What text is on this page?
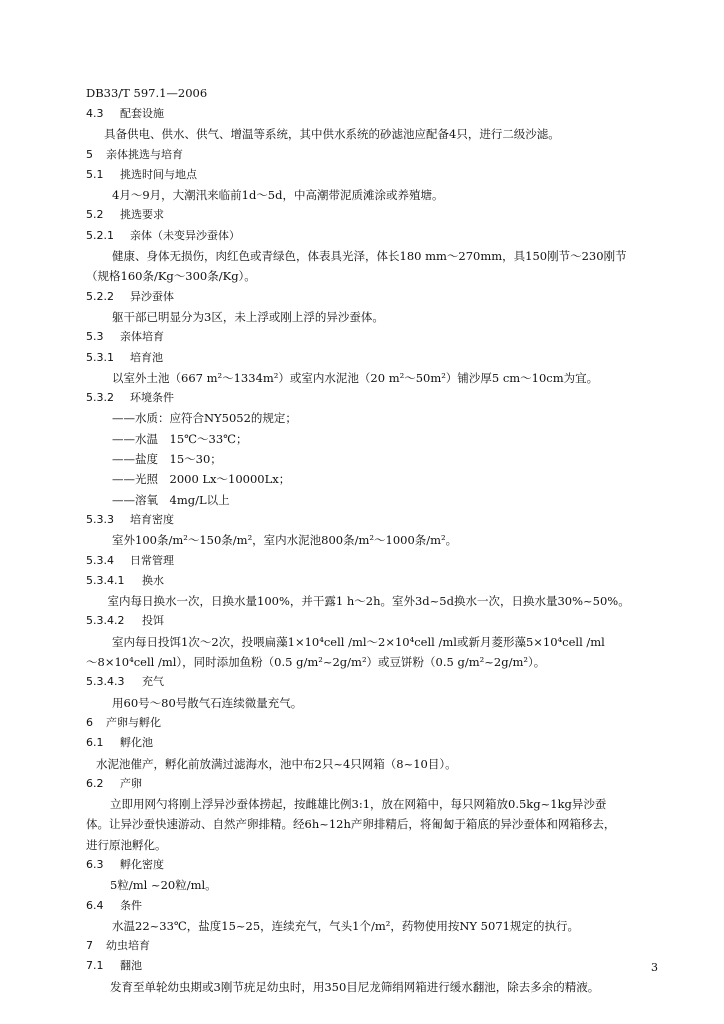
DB33/T 597.1—2006
4.3 配套设施
具备供电、供水、供气、增温等系统，其中供水系统的砂滤池应配备4只，进行二级沙滤。
5 亲体挑选与培育
5.1 挑选时间与地点
4月～9月，大潮汛来临前1d～5d，中高潮带泥质滩涂或养殖塘。
5.2 挑选要求
5.2.1 亲体（未变异沙蚕体）
健康、身体无损伤，肉红色或青绿色，体表具光泽，体长180 mm～270mm，具150刚节～230刚节
（规格160条/Kg～300条/Kg）。
5.2.2 异沙蚕体
躯干部已明显分为3区，未上浮或刚上浮的异沙蚕体。
5.3 亲体培育
5.3.1 培育池
以室外土池（667 m²～1334m²）或室内水泥池（20 m²～50m²）铺沙厚5 cm～10cm为宜。
5.3.2 环境条件
——水质：应符合NY5052的规定；
——水温　15℃～33℃；
——盐度　15～30；
——光照　2000 Lx～10000Lx；
——溶氧　4mg/L以上
5.3.3 培育密度
室外100条/m²～150条/m²，室内水泥池800条/m²～1000条/m²。
5.3.4 日常管理
5.3.4.1 换水
　室内每日换水一次，日换水量100%，并干露1 h～2h。室外3d~5d换水一次，日换水量30%~50%。
5.3.4.2 投饵
室内每日投饵1次～2次，投喂扁藻1×10⁴cell /ml～2×10⁴cell /ml或新月菱形藻5×10⁴cell /ml
～8×10⁴cell /ml），同时添加鱼粉（0.5 g/m²~2g/m²）或豆饼粉（0.5 g/m²~2g/m²）。
5.3.4.3 充气
用60号～80号散气石连续微量充气。
6 产卵与孵化
6.1 孵化池
水泥池催产，孵化前放满过滤海水，池中布2只~4只网箱（8~10目）。
6.2 产卵
立即用网勺将刚上浮异沙蚕体捞起，按雌雄比例3:1，放在网箱中，每只网箱放0.5kg~1kg异沙蚕
体。让异沙蚕快速游动、自然产卵排精。经6h~12h产卵排精后，将匍匐于箱底的异沙蚕体和网箱移去，
进行原池孵化。
6.3 孵化密度
5粒/ml ~20粒/ml。
6.4 条件
水温22~33℃，盐度15~25，连续充气，气头1个/m²，药物使用按NY 5071规定的执行。
7 幼虫培育
7.1 翻池
发育至单轮幼虫期或3刚节疣足幼虫时，用350目尼龙筛绢网箱进行缓水翻池，除去多余的精液。
3
